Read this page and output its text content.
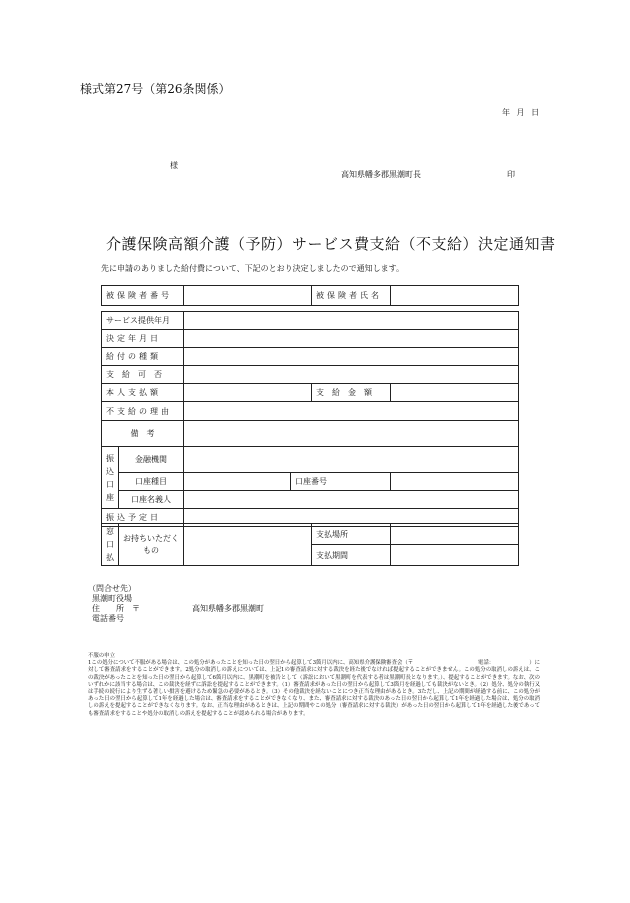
様式第27号（第26条関係）
年 月 日
様
高知県幡多郡黒潮町長	印
介護保険高額介護（予防）サービス費支給（不支給）決定通知書
先に申請のありました給付費について、下記のとおり決定しましたので通知します。
被保険者番号		被保険者氏名	
サービス提供年月					
決定年月日					
給付の種類					
支　給　可　否					
本人支払額				支　給　金　額	
不支給の理由					
備　考					

振
込
口
座	金融機関				
	口座種目		口座番号		
	口座名義人				
振込予定日					
窓
口
払	お持ちいただくもの		支払場所	
			支払期間	
（問合せ先）
黒潮町役場
住　　所	〒	高知県幡多郡黒潮町
電話番号

不服の申立

1この処分について不服がある場合は、この処分があったことを知った日の翌日から起算して3箇月以内に、高知県介護保険審査会（〒　　　　　　　　　　　　電話：　　　　　　　）に対して審査請求をすることができます。2処分の取消しの訴えについては、上記1の審査請求に対する裁決を経た後でなければ提起することができません。この処分の取消しの訴えは、この裁決があったことを知った日の翌日から起算して6箇月以内に、黒潮町を被告として（訴訟において黒潮町を代表する者は黒潮町長となります。）、提起することができます。なお、次のいずれかに該当する場合は、この裁決を経ずに訴訟を提起することができます。（1）審査請求があった日の翌日から起算して3箇月を経過しても裁決がないとき。（2）処分、処分の執行又は手続の続行により生ずる著しい損害を避けるため緊急の必要があるとき。（3）その他裁決を経ないことにつき正当な理由があるとき。3ただし、上記の期間が経過する前に、この処分があった日の翌日から起算して1年を経過した場合は、審査請求をすることができなくなり、また、審査請求に対する裁決のあった日の翌日から起算して1年を経過した場合は、処分の取消しの訴えを提起することができなくなります。なお、正当な理由があるときは、上記の期間やこの処分（審査請求に対する裁決）があった日の翌日から起算して1年を経過した後であっても審査請求をすることや処分の取消しの訴えを提起することが認められる場合があります。
